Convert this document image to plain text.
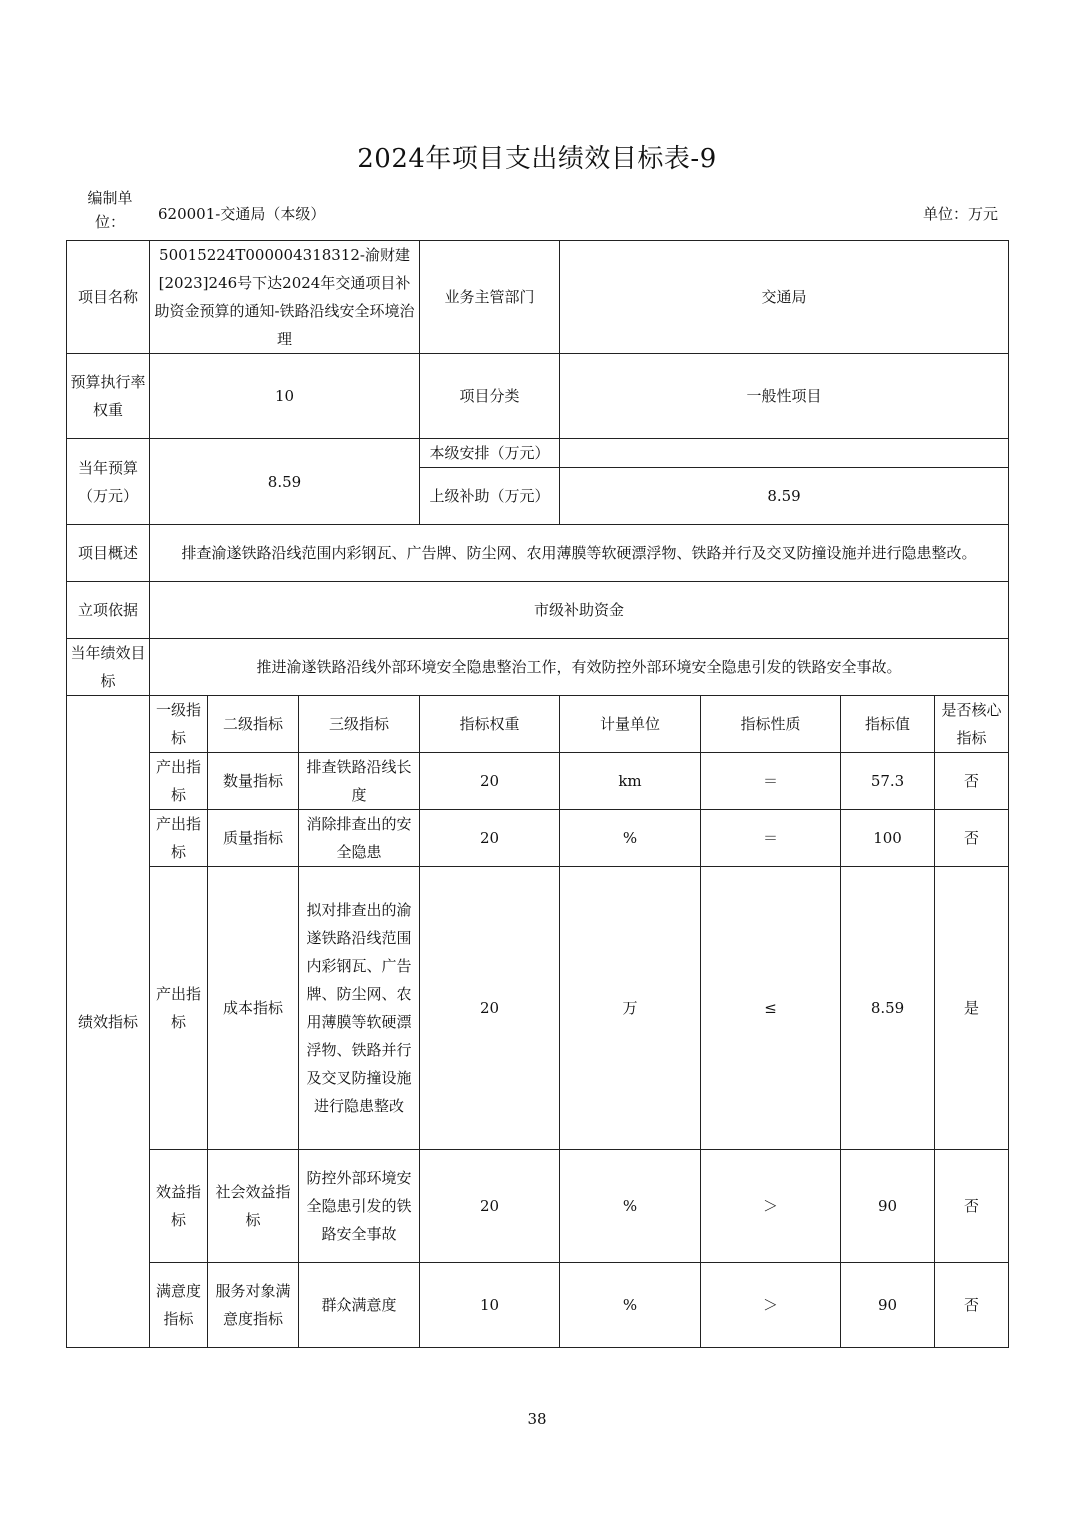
2024年项目支出绩效目标表-9
编制单位：	620001-交通局（本级）	单位：万元
项目名称	50015224T000004318312-渝财建[2023]246号下达2024年交通项目补助资金预算的通知-铁路沿线安全环境治理			业务主管部门	交通局			
预算执行率权重	10			项目分类	一般性项目			
当年预算（万元）	8.59			本级安排（万元）				
				上级补助（万元）	8.59			
项目概述	排查渝遂铁路沿线范围内彩钢瓦、广告牌、防尘网、农用薄膜等软硬漂浮物、铁路并行及交叉防撞设施并进行隐患整改。							
立项依据	市级补助资金							
当年绩效目标	推进渝遂铁路沿线外部环境安全隐患整治工作，有效防控外部环境安全隐患引发的铁路安全事故。							
绩效指标	一级指标	二级指标	三级指标	指标权重	计量单位	指标性质	指标值	是否核心指标
	产出指标	数量指标	排查铁路沿线长度	20	km	＝	57.3	否
	产出指标	质量指标	消除排查出的安全隐患	20	%	＝	100	否
	产出指标	成本指标	拟对排查出的渝遂铁路沿线范围内彩钢瓦、广告牌、防尘网、农用薄膜等软硬漂浮物、铁路并行及交叉防撞设施进行隐患整改	20	万	≤	8.59	是
	效益指标	社会效益指标	防控外部环境安全隐患引发的铁路安全事故	20	%	＞	90	否
	满意度指标	服务对象满意度指标	群众满意度	10	%	＞	90	否
38
